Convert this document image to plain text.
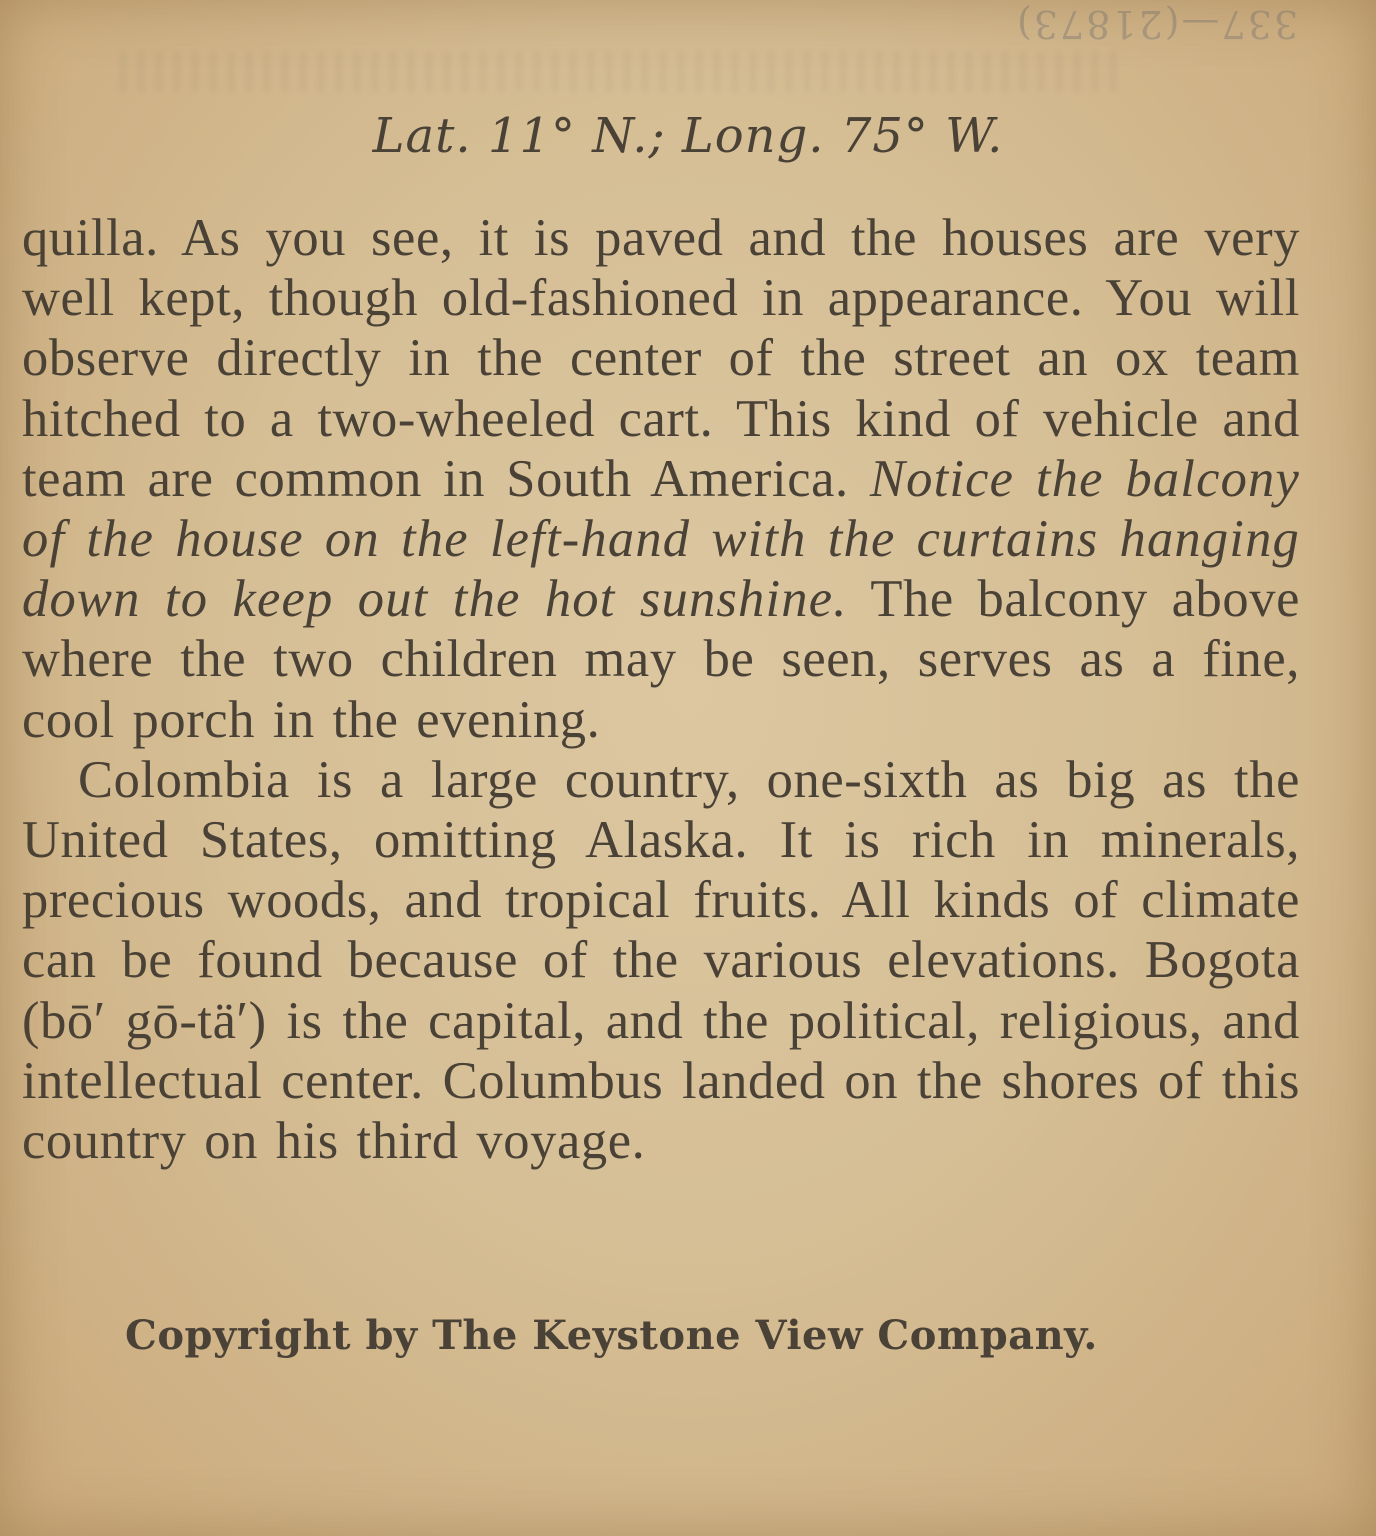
337—(21873)
Lat. 11° N.; Long. 75° W.

quilla. As you see, it is paved and the houses are very well kept, though old-fashioned in appearance. You will observe directly in the center of the street an ox team hitched to a two-wheeled cart. This kind of vehicle and team are common in South America. Notice the balcony of the house on the left-hand with the curtains hanging down to keep out the hot sunshine. The balcony above where the two children may be seen, serves as a fine, cool porch in the evening.

Colombia is a large country, one-sixth as big as the United States, omitting Alaska. It is rich in minerals, precious woods, and tropical fruits. All kinds of climate can be found because of the various elevations. Bogota (bō′ gō-tä′) is the capital, and the political, religious, and intellectual center. Columbus landed on the shores of this country on his third voyage.

Copyright by The Keystone View Company.
